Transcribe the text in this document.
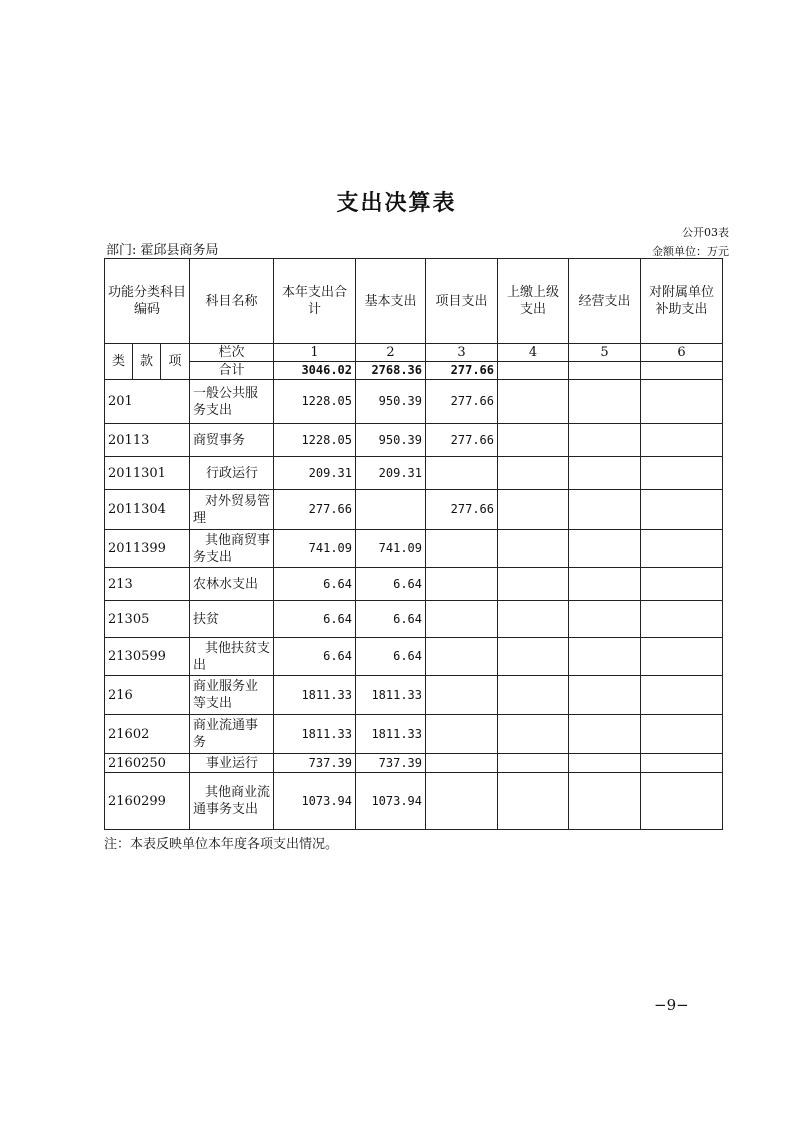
支出决算表
公开03表
部门: 霍邱县商务局	金额单位：万元
功能分类科目编码			科目名称	本年支出合计	基本支出	项目支出	上缴上级支出	经营支出	对附属单位补助支出
类	款	项	栏次	1	2	3	4	5	6
			合计	3046.02	2768.36	277.66			
201			一般公共服务支出	1228.05	950.39	277.66			
20113			商贸事务	1228.05	950.39	277.66			
2011301			行政运行	209.31	209.31				
2011304			对外贸易管理	277.66		277.66			
2011399			其他商贸事务支出	741.09	741.09				
213			农林水支出	6.64	6.64				
21305			扶贫	6.64	6.64				
2130599			其他扶贫支出	6.64	6.64				
216			商业服务业等支出	1811.33	1811.33				
21602			商业流通事务	1811.33	1811.33				
2160250			事业运行	737.39	737.39				
2160299			其他商业流通事务支出	1073.94	1073.94				
注：本表反映单位本年度各项支出情况。
−9−
